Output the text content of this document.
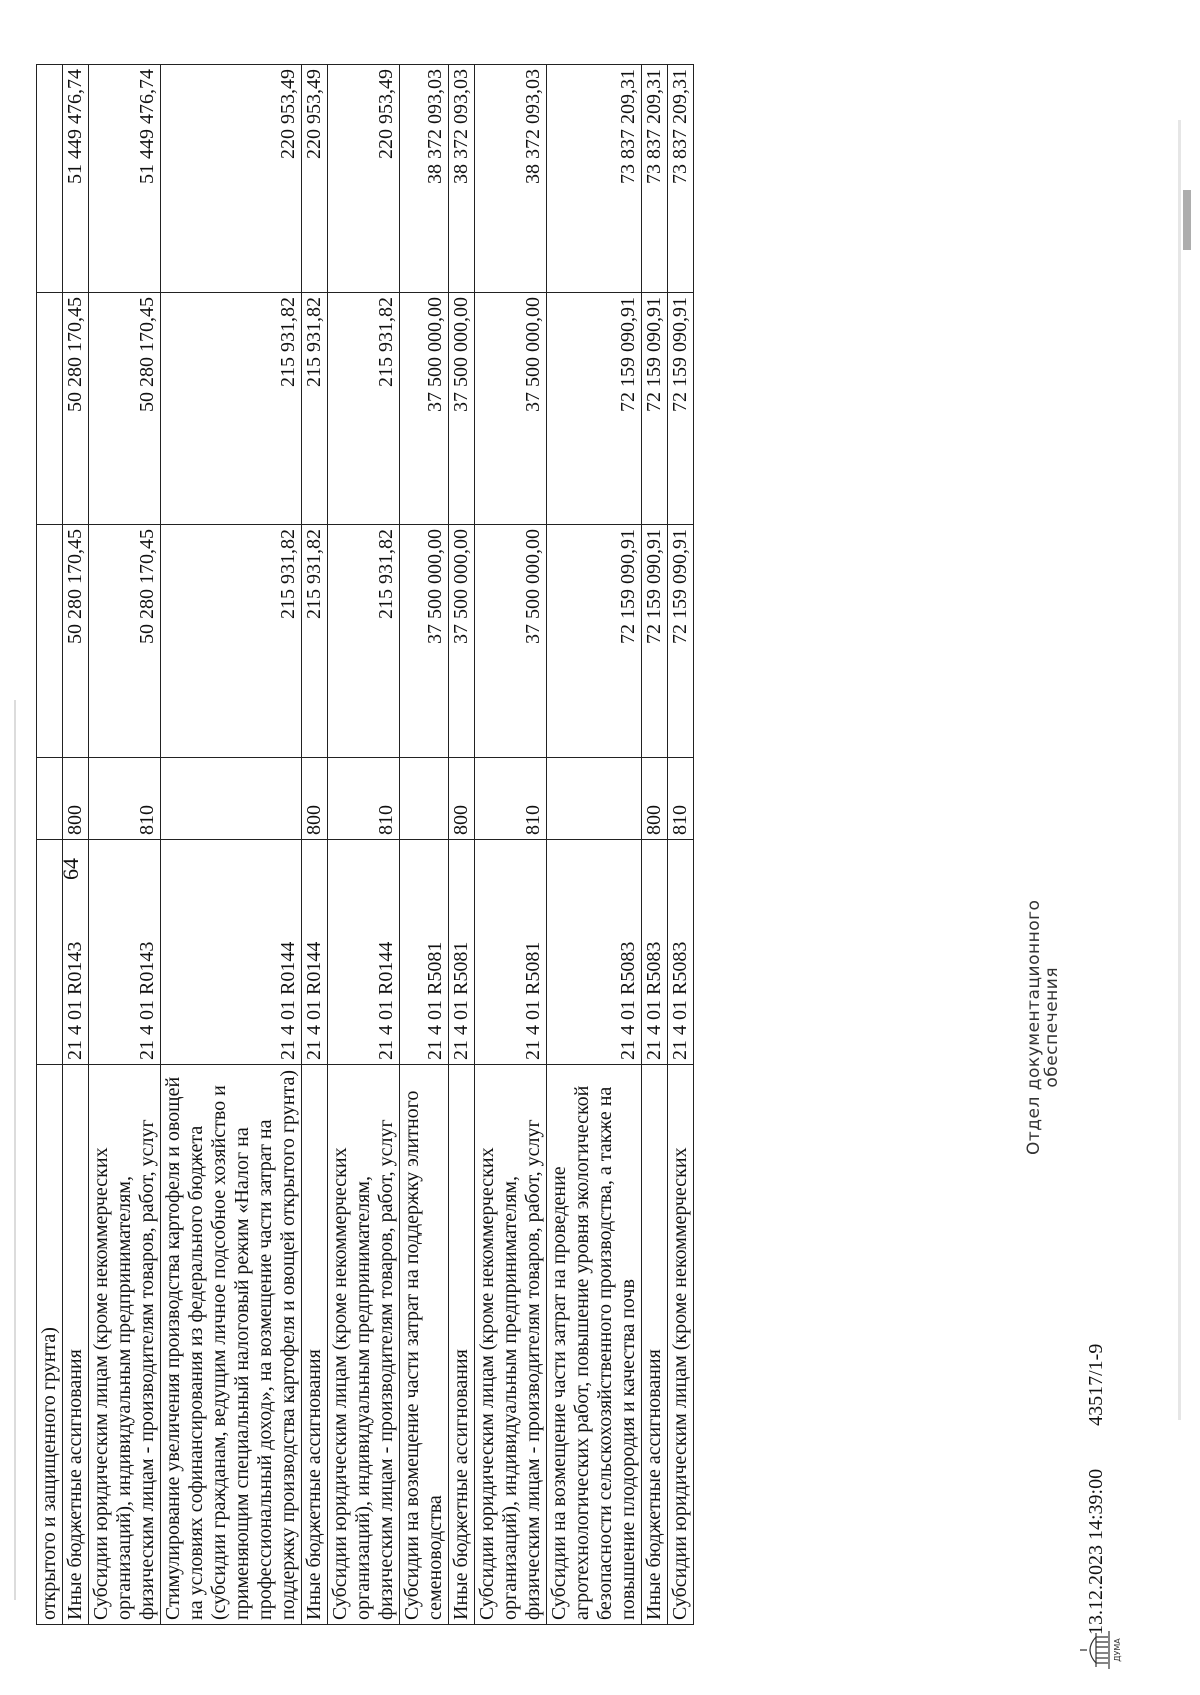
64
открытого и защищенного грунта)					
Иные бюджетные ассигнования	21 4 01 R0143	800	50 280 170,45	50 280 170,45	51 449 476,74
Субсидии юридическим лицам (кроме некоммерческих организаций), индивидуальным предпринимателям, физическим лицам - производителям товаров, работ, услуг	21 4 01 R0143	810	50 280 170,45	50 280 170,45	51 449 476,74
Стимулирование увеличения производства картофеля и овощей на условиях софинансирования из федерального бюджета (субсидии гражданам, ведущим личное подсобное хозяйство и применяющим специальный налоговый режим «Налог на профессиональный доход», на возмещение части затрат на поддержку производства картофеля и овощей открытого грунта)	21 4 01 R0144		215 931,82	215 931,82	220 953,49
Иные бюджетные ассигнования	21 4 01 R0144	800	215 931,82	215 931,82	220 953,49
Субсидии юридическим лицам (кроме некоммерческих организаций), индивидуальным предпринимателям, физическим лицам - производителям товаров, работ, услуг	21 4 01 R0144	810	215 931,82	215 931,82	220 953,49
Субсидии на возмещение части затрат на поддержку элитного семеноводства	21 4 01 R5081		37 500 000,00	37 500 000,00	38 372 093,03
Иные бюджетные ассигнования	21 4 01 R5081	800	37 500 000,00	37 500 000,00	38 372 093,03
Субсидии юридическим лицам (кроме некоммерческих организаций), индивидуальным предпринимателям, физическим лицам - производителям товаров, работ, услуг	21 4 01 R5081	810	37 500 000,00	37 500 000,00	38 372 093,03
Субсидии на возмещение части затрат на проведение агротехнологических работ, повышение уровня экологической безопасности сельскохозяйственного производства, а также на повышение плодородия и качества почв	21 4 01 R5083		72 159 090,91	72 159 090,91	73 837 209,31
Иные бюджетные ассигнования	21 4 01 R5083	800	72 159 090,91	72 159 090,91	73 837 209,31
Субсидии юридическим лицам (кроме некоммерческих	21 4 01 R5083	810	72 159 090,91	72 159 090,91	73 837 209,31
Отдел документационного
обеспечения
13.12.2023 14:39:00 43517/1-9
ДУМА
